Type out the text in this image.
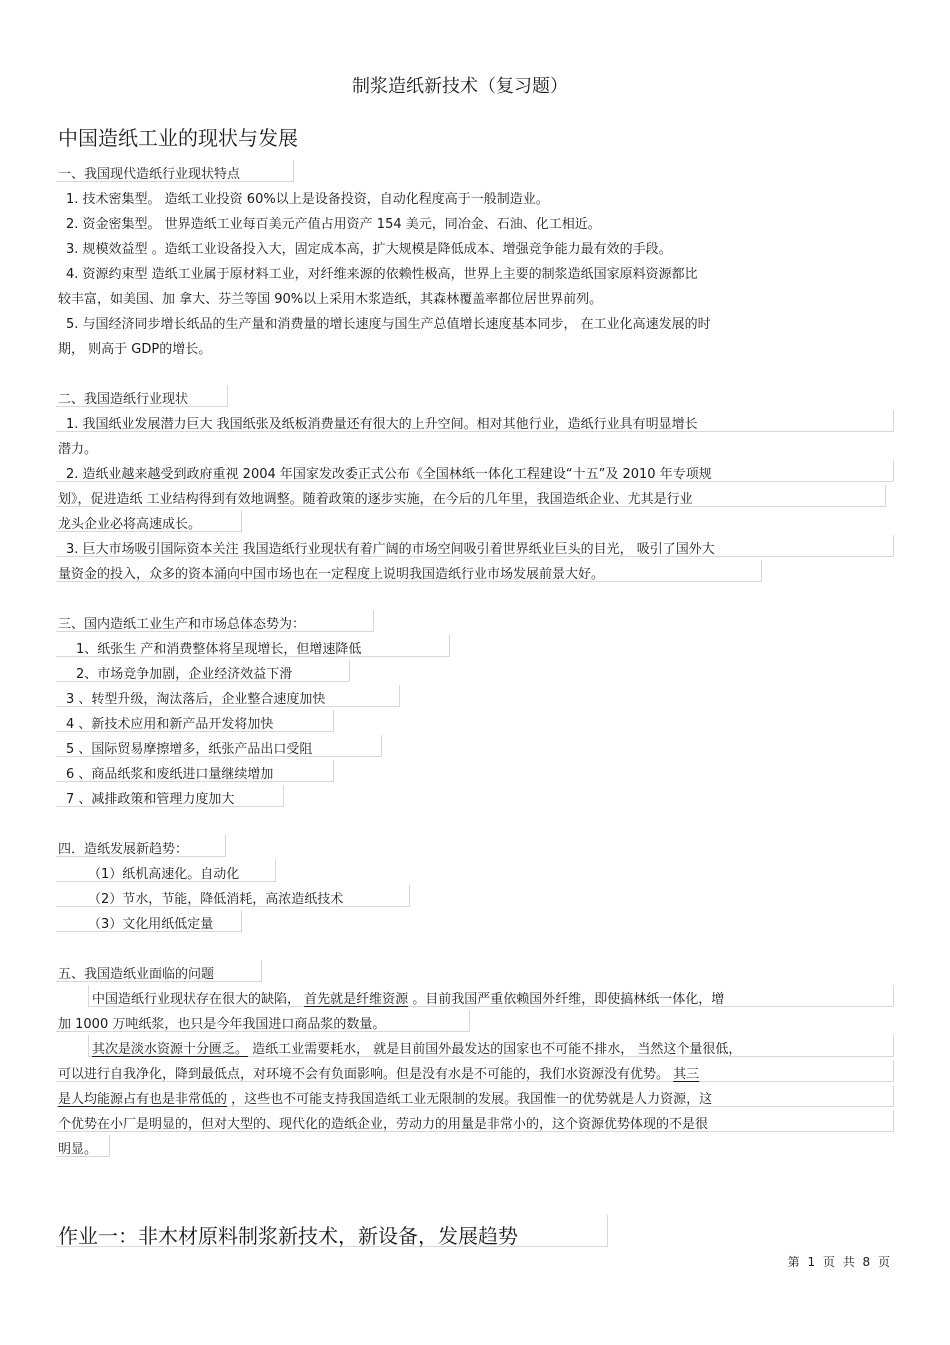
制浆造纸新技术（复习题）
中国造纸工业的现状与发展
一、我国现代造纸行业现状特点
1. 技术密集型。 造纸工业投资 60%以上是设备投资，自动化程度高于一般制造业。
2. 资金密集型。 世界造纸工业每百美元产值占用资产 154 美元，同冶金、石油、化工相近。
3. 规模效益型 。造纸工业设备投入大，固定成本高，扩大规模是降低成本、增强竞争能力最有效的手段。
4. 资源约束型 造纸工业属于原材料工业，对纤维来源的依赖性极高，世界上主要的制浆造纸国家原料资源都比
较丰富，如美国、加 拿大、芬兰等国 90%以上采用木浆造纸，其森林覆盖率都位居世界前列。
5. 与国经济同步增长纸品的生产量和消费量的增长速度与国生产总值增长速度基本同步， 在工业化高速发展的时
期， 则高于 GDP的增长。
二、我国造纸行业现状
1. 我国纸业发展潜力巨大 我国纸张及纸板消费量还有很大的上升空间。相对其他行业，造纸行业具有明显增长
潜力。
2. 造纸业越来越受到政府重视 2004 年国家发改委正式公布《全国林纸一体化工程建设“十五”及 2010 年专项规
划》，促进造纸 工业结构得到有效地调整。随着政策的逐步实施，在今后的几年里，我国造纸企业、尤其是行业
龙头企业必将高速成长。
3. 巨大市场吸引国际资本关注 我国造纸行业现状有着广阔的市场空间吸引着世界纸业巨头的目光， 吸引了国外大
量资金的投入，众多的资本涌向中国市场也在一定程度上说明我国造纸行业市场发展前景大好。
三、国内造纸工业生产和市场总体态势为：
1、纸张生 产和消费整体将呈现增长，但增速降低
2、市场竞争加剧，企业经济效益下滑
3 、转型升级，淘汰落后，企业整合速度加快
4 、新技术应用和新产品开发将加快
5 、国际贸易摩擦增多，纸张产品出口受阻
6 、商品纸浆和废纸进口量继续增加
7 、减排政策和管理力度加大
四．造纸发展新趋势：
（1）纸机高速化。自动化
（2）节水，节能，降低消耗，高浓造纸技术
（3）文化用纸低定量
五、我国造纸业面临的问题
中国造纸行业现状存在很大的缺陷， 首先就是纤维资源 。目前我国严重依赖国外纤维，即使搞林纸一体化，增
加 1000 万吨纸浆，也只是今年我国进口商品浆的数量。
其次是淡水资源十分匮乏。 造纸工业需要耗水， 就是目前国外最发达的国家也不可能不排水， 当然这个量很低，
可以进行自我净化，降到最低点，对环境不会有负面影响。但是没有水是不可能的，我们水资源没有优势。 其三
是人均能源占有也是非常低的 ，这些也不可能支持我国造纸工业无限制的发展。我国惟一的优势就是人力资源，这
个优势在小厂是明显的，但对大型的、现代化的造纸企业，劳动力的用量是非常小的，这个资源优势体现的不是很
明显。
作业一：非木材原料制浆新技术，新设备，发展趋势
第 1 页 共 8 页
